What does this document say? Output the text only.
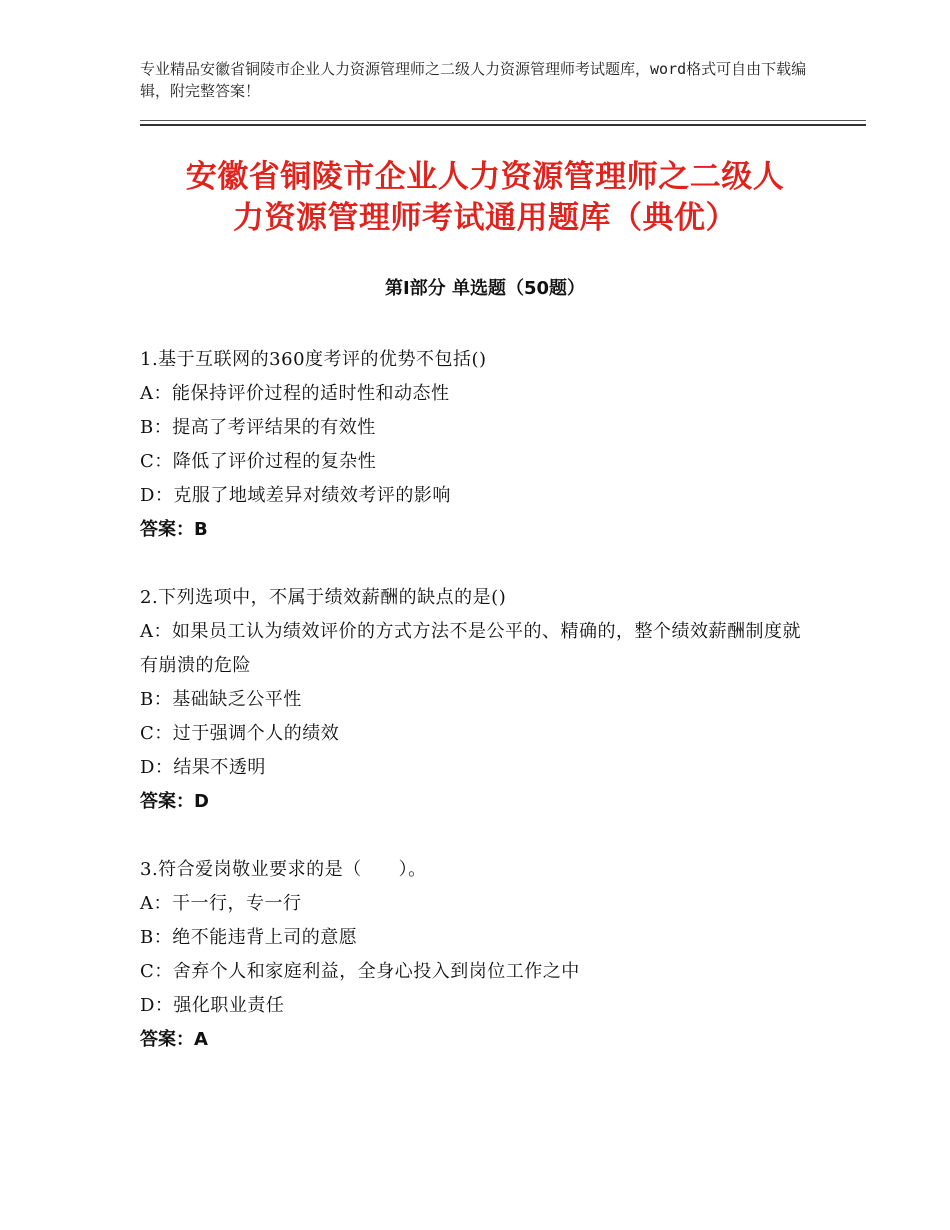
专业精品安徽省铜陵市企业人力资源管理师之二级人力资源管理师考试题库，word格式可自由下载编辑，附完整答案！
安徽省铜陵市企业人力资源管理师之二级人
力资源管理师考试通用题库（典优）
第Ⅰ部分 单选题（50题）
1.基于互联网的360度考评的优势不包括()
A：能保持评价过程的适时性和动态性
B：提高了考评结果的有效性
C：降低了评价过程的复杂性
D：克服了地域差异对绩效考评的影响
答案：B
2.下列选项中，不属于绩效薪酬的缺点的是()
A：如果员工认为绩效评价的方式方法不是公平的、精确的，整个绩效薪酬制度就有崩溃的危险
B：基础缺乏公平性
C：过于强调个人的绩效
D：结果不透明
答案：D
3.符合爱岗敬业要求的是（　　）。
A：干一行，专一行
B：绝不能违背上司的意愿
C：舍弃个人和家庭利益，全身心投入到岗位工作之中
D：强化职业责任
答案：A
